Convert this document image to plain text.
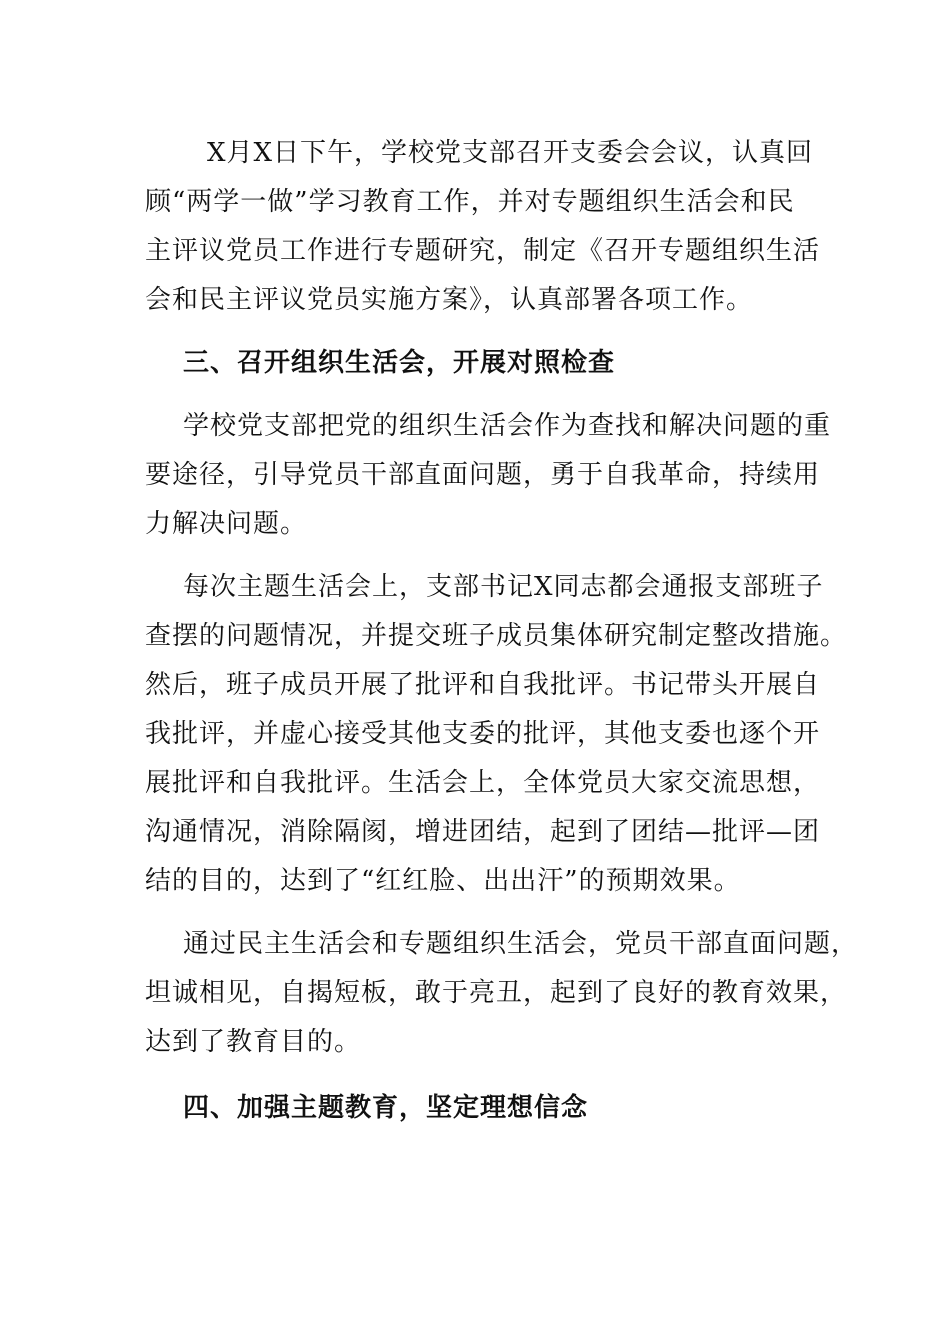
X月X日下午，学校党支部召开支委会会议，认真回
顾“两学一做”学习教育工作，并对专题组织生活会和民
主评议党员工作进行专题研究，制定《召开专题组织生活
会和民主评议党员实施方案》，认真部署各项工作。
三、召开组织生活会，开展对照检查
学校党支部把党的组织生活会作为查找和解决问题的重
要途径，引导党员干部直面问题，勇于自我革命，持续用
力解决问题。
每次主题生活会上，支部书记X同志都会通报支部班子
查摆的问题情况，并提交班子成员集体研究制定整改措施。
然后，班子成员开展了批评和自我批评。书记带头开展自
我批评，并虚心接受其他支委的批评，其他支委也逐个开
展批评和自我批评。生活会上，全体党员大家交流思想，
沟通情况，消除隔阂，增进团结，起到了团结—批评—团
结的目的，达到了“红红脸、出出汗”的预期效果。
通过民主生活会和专题组织生活会，党员干部直面问题，
坦诚相见，自揭短板，敢于亮丑，起到了良好的教育效果，
达到了教育目的。
四、加强主题教育，坚定理想信念
